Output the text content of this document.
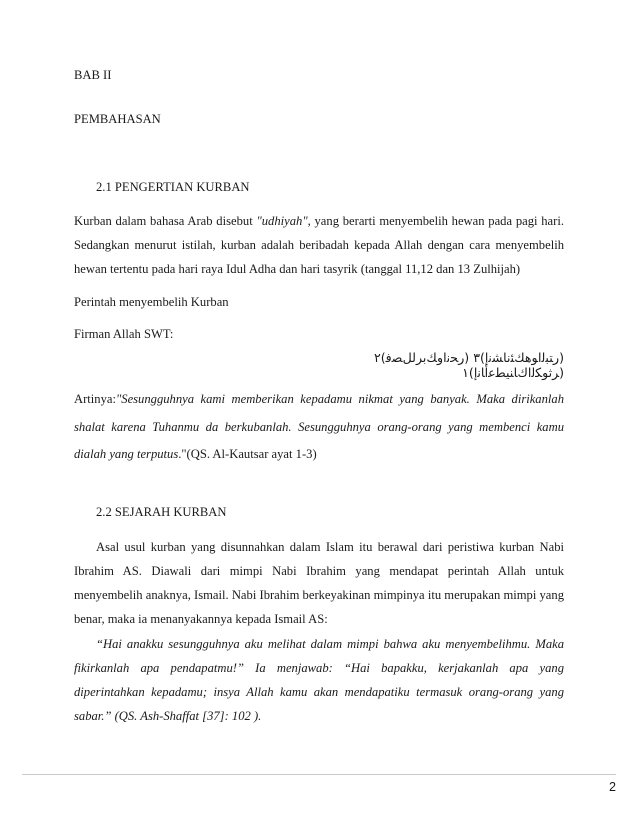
BAB II
PEMBAHASAN
2.1 PENGERTIAN KURBAN
Kurban dalam bahasa Arab disebut "udhiyah", yang berarti menyembelih hewan pada pagi hari.
Sedangkan menurut istilah, kurban adalah beribadah kepada Allah dengan cara menyembelih
hewan tertentu pada hari raya Idul Adha dan hari tasyrik (tanggal 11,12 dan 13 Zulhijah)
Perintah menyembelih Kurban
Firman Allah SWT:
(ﺭﺘﺒﻟﺍﻮﻫﻚﺌﻧﺎﺸﻧﺇ)٣ (ﺭﺤﻧﺍﻭﻚﺑﺮﻟﻞﺼﻓ)٢ (ﺮﺛﻮﻜﻟﺍﻙﺎﻨﻴﻄﻋﺃﺎﻧﺇ)١
Artinya:"Sesungguhnya kami memberikan kepadamu nikmat yang banyak. Maka dirikanlah
shalat karena Tuhanmu da berkubanlah. Sesungguhnya orang-orang yang membenci kamu
dialah yang terputus."(QS. Al-Kautsar ayat 1-3)
2.2 SEJARAH KURBAN
Asal usul kurban yang disunnahkan dalam Islam itu berawal dari peristiwa kurban Nabi
Ibrahim AS. Diawali dari mimpi Nabi Ibrahim yang mendapat perintah Allah untuk
menyembelih anaknya, Ismail. Nabi Ibrahim berkeyakinan mimpinya itu merupakan mimpi yang
benar, maka ia menanyakannya kepada Ismail AS:
“Hai anakku sesungguhnya aku melihat dalam mimpi bahwa aku menyembelihmu. Maka
fikirkanlah apa pendapatmu!” Ia menjawab: “Hai bapakku, kerjakanlah apa yang
diperintahkan kepadamu; insya Allah kamu akan mendapatiku termasuk orang-orang yang
sabar.” (QS. Ash-Shaffat [37]: 102 ).
2
